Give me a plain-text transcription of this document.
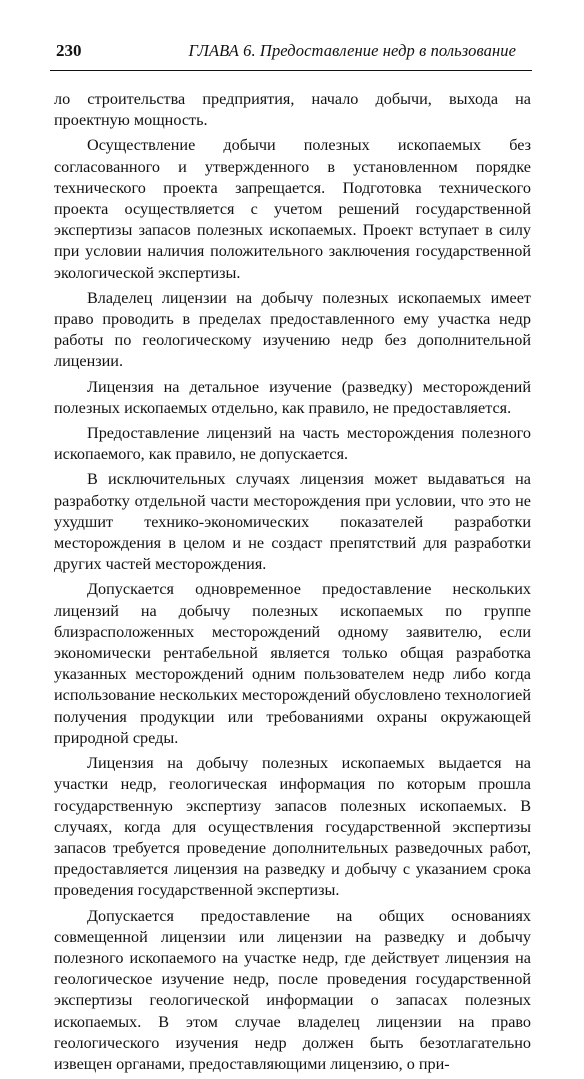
230	ГЛАВА 6. Предоставление недр в пользование

ло строительства предприятия, начало добычи, выхода на проектную мощность.

Осуществление добычи полезных ископаемых без согласованного и утвержденного в установленном порядке технического проекта запрещается. Подготовка технического проекта осуществляется с учетом решений государственной экспертизы запасов полезных ископаемых. Проект вступает в силу при условии наличия положительного заключения государственной экологической экспертизы.

Владелец лицензии на добычу полезных ископаемых имеет право проводить в пределах предоставленного ему участка недр работы по геологическому изучению недр без дополнительной лицензии.

Лицензия на детальное изучение (разведку) месторождений полезных ископаемых отдельно, как правило, не предоставляется.

Предоставление лицензий на часть месторождения полезного ископаемого, как правило, не допускается.

В исключительных случаях лицензия может выдаваться на разработку отдельной части месторождения при условии, что это не ухудшит технико-экономических показателей разработки месторождения в целом и не создаст препятствий для разработки других частей месторождения.

Допускается одновременное предоставление нескольких лицензий на добычу полезных ископаемых по группе близрасположенных месторождений одному заявителю, если экономически рентабельной является только общая разработка указанных месторождений одним пользователем недр либо когда использование нескольких месторождений обусловлено технологией получения продукции или требованиями охраны окружающей природной среды.

Лицензия на добычу полезных ископаемых выдается на участки недр, геологическая информация по которым прошла государственную экспертизу запасов полезных ископаемых. В случаях, когда для осуществления государственной экспертизы запасов требуется проведение дополнительных разведочных работ, предоставляется лицензия на разведку и добычу с указанием срока проведения государственной экспертизы.

Допускается предоставление на общих основаниях совмещенной лицензии или лицензии на разведку и добычу полезного ископаемого на участке недр, где действует лицензия на геологическое изучение недр, после проведения государственной экспертизы геологической информации о запасах полезных ископаемых. В этом случае владелец лицензии на право геологического изучения недр должен быть безотлагательно извещен органами, предоставляющими лицензию, о при-
